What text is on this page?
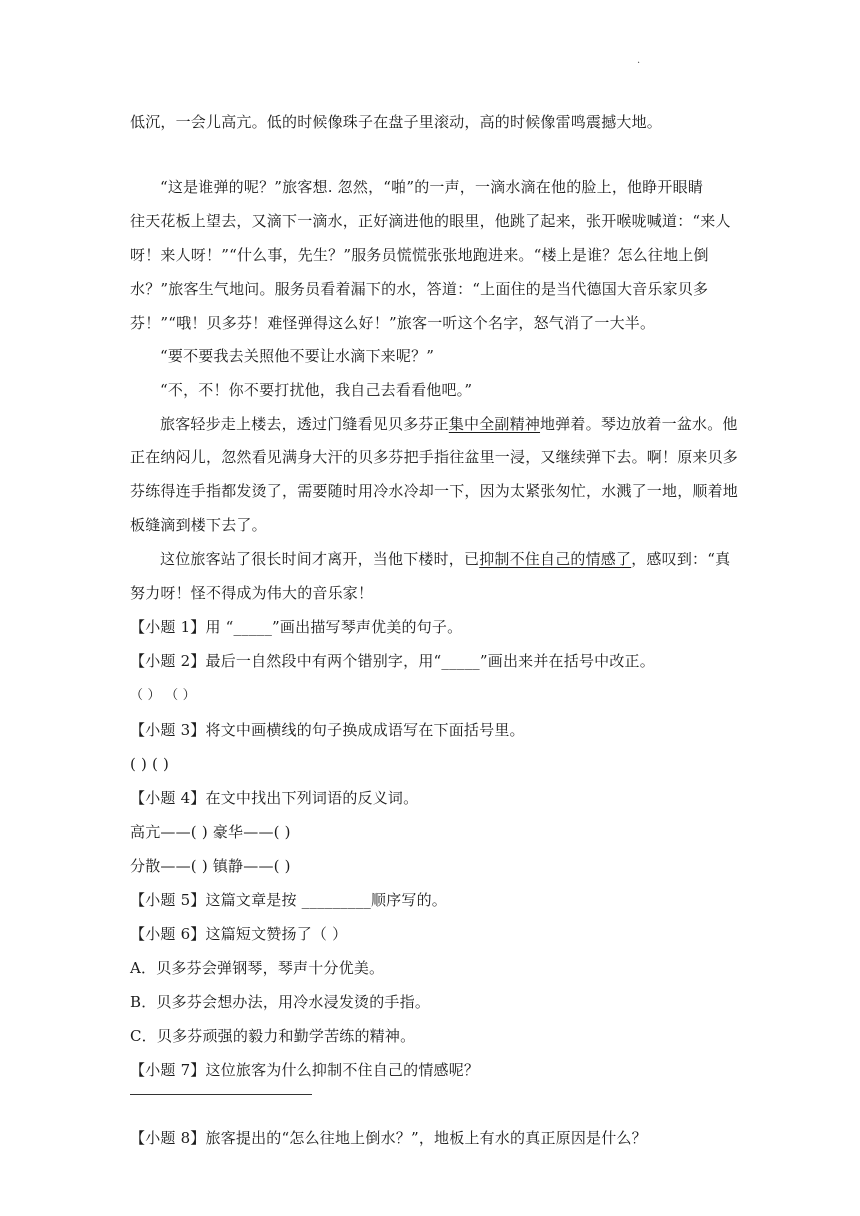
·
低沉，一会儿高亢。低的时候像珠子在盘子里滚动，高的时候像雷鸣震撼大地。
“这是谁弹的呢？”旅客想. 忽然，“啪”的一声，一滴水滴在他的脸上，他睁开眼睛
往天花板上望去，又滴下一滴水，正好滴进他的眼里，他跳了起来，张开喉咙喊道：“来人
呀！来人呀！”“什么事，先生？”服务员慌慌张张地跑进来。“楼上是谁？怎么往地上倒
水？”旅客生气地问。服务员看着漏下的水，答道：“上面住的是当代德国大音乐家贝多
芬！”“哦！贝多芬！难怪弹得这么好！”旅客一听这个名字，怒气消了一大半。
“要不要我去关照他不要让水滴下来呢？”
“不，不！你不要打扰他，我自己去看看他吧。”
旅客轻步走上楼去，透过门缝看见贝多芬正集中全副精神地弹着。琴边放着一盆水。他
正在纳闷儿，忽然看见满身大汗的贝多芬把手指往盆里一浸，又继续弹下去。啊！原来贝多
芬练得连手指都发烫了，需要随时用冷水冷却一下，因为太紧张匆忙，水溅了一地，顺着地
板缝滴到楼下去了。
这位旅客站了很长时间才离开，当他下楼时，已抑制不住自己的情感了，感叹到：“真
努力呀！怪不得成为伟大的音乐家！
【小题 1】用 “_____”画出描写琴声优美的句子。
【小题 2】最后一自然段中有两个错别字，用“_____”画出来并在括号中改正。
（ ） （ ）
【小题 3】将文中画横线的句子换成成语写在下面括号里。
( ) ( )
【小题 4】在文中找出下列词语的反义词。
高亢——( ) 豪华——( )
分散——( ) 镇静——( )
【小题 5】这篇文章是按 _________顺序写的。
【小题 6】这篇短文赞扬了（ ）
A．贝多芬会弹钢琴，琴声十分优美。
B．贝多芬会想办法，用冷水浸发烫的手指。
C．贝多芬顽强的毅力和勤学苦练的精神。
【小题 7】这位旅客为什么抑制不住自己的情感呢？
【小题 8】旅客提出的“怎么往地上倒水？”，地板上有水的真正原因是什么？
